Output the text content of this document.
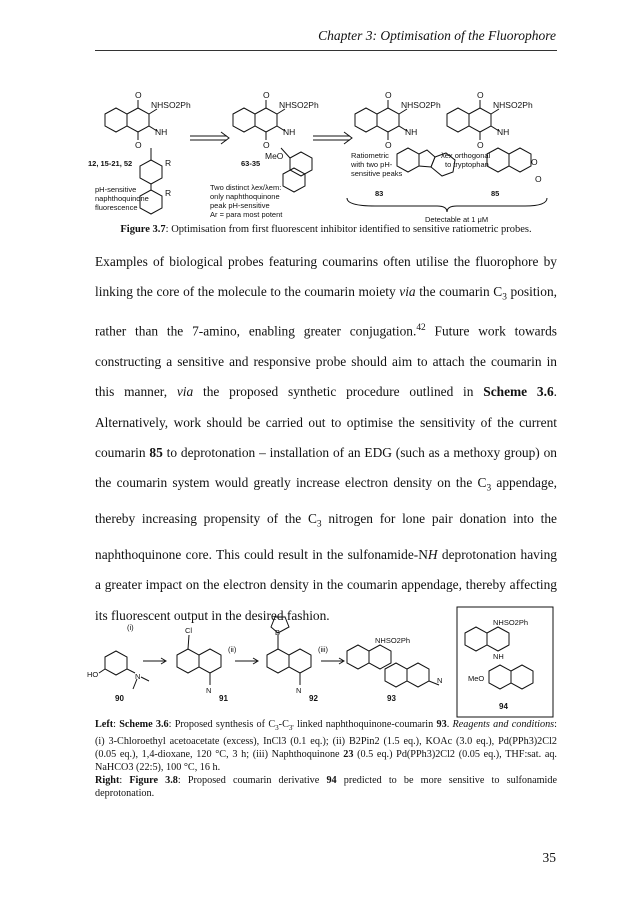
Chapter 3: Optimisation of the Fluorophore
O
O
NHSO2Ph
NH
R
R
O
O
NHSO2Ph
NH
MeO
O
O
NHSO2Ph
NH
O
O
NHSO2Ph
NH
O
O
12, 15-21, 52
pH-sensitive
naphthoquinone
fluorescence
63-35
Two distinct λex/λem:
only naphthoquinone
peak pH-sensitive
Ar = para most potent
Ratiometric
with two pH-
sensitive peaks
83
λex orthogonal
to tryptophan
85
Detectable at 1 μM
Figure 3.7: Optimisation from first fluorescent inhibitor identified to sensitive ratiometric probes.
Examples of biological probes featuring coumarins often utilise the fluorophore by linking the core of the molecule to the coumarin moiety via the coumarin $C_3$ position, rather than the 7-amino, enabling greater conjugation.$^{42}$ Future work towards constructing a sensitive and responsive probe should aim to attach the coumarin in this manner, via the proposed synthetic procedure outlined in Scheme 3.6. Alternatively, work should be carried out to optimise the sensitivity of the current coumarin 85 to deprotonation – installation of an EDG (such as a methoxy group) on the coumarin system would greatly increase electron density on the $C_3$ appendage, thereby increasing propensity of the $C_3$ nitrogen for lone pair donation into the naphthoquinone core. This could result in the sulfonamide-NH deprotonation having a greater impact on the electron density in the coumarin appendage, thereby affecting its fluorescent output in the desired fashion.
(i)
(ii)	(iii)
HO	N
Cl
N
B
N
NHSO2Ph
N
NHSO2Ph
NH
MeO
90	91	92	93
94
Left: Scheme 3.6: Proposed synthesis of $C_3-C_{3'}$ linked naphthoquinone-coumarin 93. Reagents and conditions: (i) 3-Chloroethyl acetoacetate (excess), InCl3 (0.1 eq.); (ii) B2Pin2 (1.5 eq.), KOAc (3.0 eq.), Pd(PPh3)2Cl2 (0.05 eq.), 1,4-dioxane, 120 °C, 3 h; (iii) Naphthoquinone 23 (0.5 eq.) Pd(PPh3)2Cl2 (0.05 eq.), THF:sat. aq. NaHCO3 (22:5), 100 °C, 16 h.
Right: Figure 3.8: Proposed coumarin derivative 94 predicted to be more sensitive to sulfonamide deprotonation.
35
